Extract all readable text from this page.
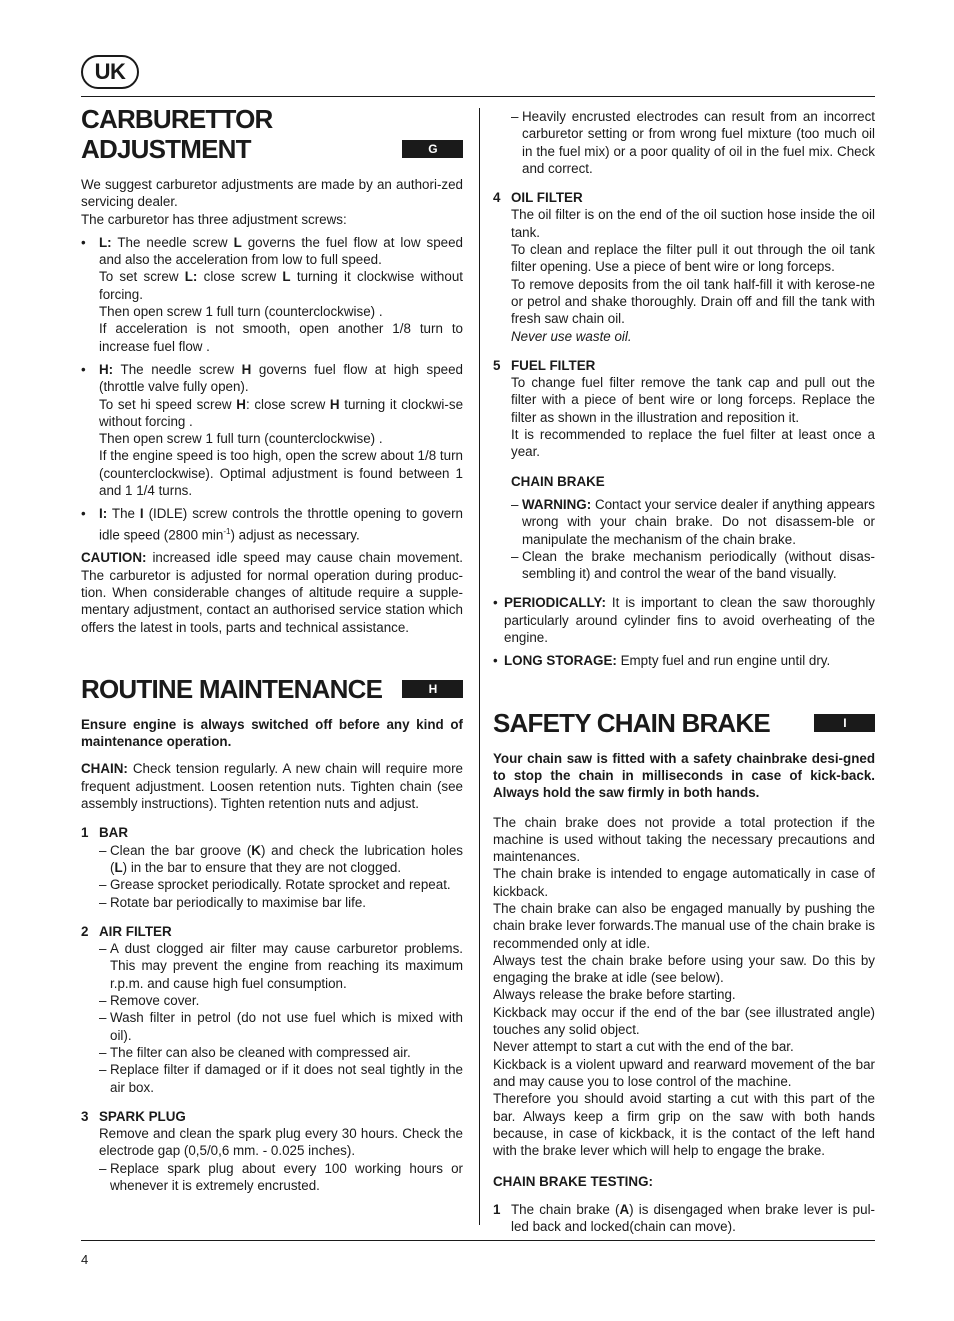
UK
4
CARBURETTOR
ADJUSTMENT	G

We suggest carburetor adjustments are made by an authori-zed servicing dealer.

The carburetor has three adjustment screws:

• L: The needle screw L governs the fuel flow at low speed and also the acceleration from low to full speed.

To set screw L: close screw L turning it clockwise without forcing.

Then open screw 1 full turn (counterclockwise) .

If acceleration is not smooth, open another 1/8 turn to increase fuel flow .

• H: The needle screw H governs fuel flow at high speed (throttle valve fully open).

To set hi speed screw H: close screw H turning it clockwi-se without forcing .

Then open screw 1 full turn (counterclockwise) .

If the engine speed is too high, open the screw about 1/8 turn (counterclockwise). Optimal adjustment is found between 1 and 1 1/4 turns.

• I: The I (IDLE) screw controls the throttle opening to govern idle speed (2800 $\min^{-1}$) adjust as necessary.

CAUTION: increased idle speed may cause chain movement. The carburetor is adjusted for normal operation during produc-tion. When considerable changes of altitude require a supple-mentary adjustment, contact an authorised service station which offers the latest in tools, parts and technical assistance.

ROUTINE MAINTENANCE	H

Ensure engine is always switched off before any kind of maintenance operation.

CHAIN: Check tension regularly. A new chain will require more frequent adjustment. Loosen retention nuts. Tighten chain (see assembly instructions). Tighten retention nuts and adjust.

1 BAR

– Clean the bar groove (K) and check the lubrication holes (L) in the bar to ensure that they are not clogged.

– Grease sprocket periodically. Rotate sprocket and repeat.

– Rotate bar periodically to maximise bar life.

2 AIR FILTER

– A dust clogged air filter may cause carburetor problems. This may prevent the engine from reaching its maximum r.p.m. and cause high fuel consumption.

– Remove cover.

– Wash filter in petrol (do not use fuel which is mixed with oil).

– The filter can also be cleaned with compressed air.

– Replace filter if damaged or if it does not seal tightly in the air box.

3 SPARK PLUG

Remove and clean the spark plug every 30 hours. Check the electrode gap (0,5/0,6 mm. - 0.025 inches).

– Replace spark plug about every 100 working hours or whenever it is extremely encrusted.

– Heavily encrusted electrodes can result from an incorrect carburetor setting or from wrong fuel mixture (too much oil in the fuel mix) or a poor quality of oil in the fuel mix. Check and correct.

4 OIL FILTER

The oil filter is on the end of the oil suction hose inside the oil tank.

To clean and replace the filter pull it out through the oil tank filter opening. Use a piece of bent wire or long forceps.

To remove deposits from the oil tank half-fill it with kerose-ne or petrol and shake thoroughly. Drain off and fill the tank with fresh saw chain oil.

Never use waste oil.

5 FUEL FILTER

To change fuel filter remove the tank cap and pull out the filter with a piece of bent wire or long forceps. Replace the filter as shown in the illustration and reposition it.

It is recommended to replace the fuel filter at least once a year.

CHAIN BRAKE

– WARNING: Contact your service dealer if anything appears wrong with your chain brake. Do not disassem-ble or manipulate the mechanism of the chain brake.

– Clean the brake mechanism periodically (without disas-sembling it) and control the wear of the band visually.

• PERIODICALLY: It is important to clean the saw thoroughly particularly around cylinder fins to avoid overheating of the engine.

• LONG STORAGE: Empty fuel and run engine until dry.

SAFETY CHAIN BRAKE	I

Your chain saw is fitted with a safety chainbrake desi-gned to stop the chain in milliseconds in case of kick-back. Always hold the saw firmly in both hands.

The chain brake does not provide a total protection if the machine is used without taking the necessary precautions and maintenances.

The chain brake is intended to engage automatically in case of kickback.

The chain brake can also be engaged manually by pushing the chain brake lever forwards.The manual use of the chain brake is recommended only at idle.

Always test the chain brake before using your saw. Do this by engaging the brake at idle (see below).

Always release the brake before starting.

Kickback may occur if the end of the bar (see illustrated angle) touches any solid object.

Never attempt to start a cut with the end of the bar.

Kickback is a violent upward and rearward movement of the bar and may cause you to lose control of the machine.

Therefore you should avoid starting a cut with this part of the bar. Always keep a firm grip on the saw with both hands because, in case of kickback, it is the contact of the left hand with the brake lever which will help to engage the brake.

CHAIN BRAKE TESTING:

1 The chain brake (A) is disengaged when brake lever is pul-led back and locked(chain can move).
